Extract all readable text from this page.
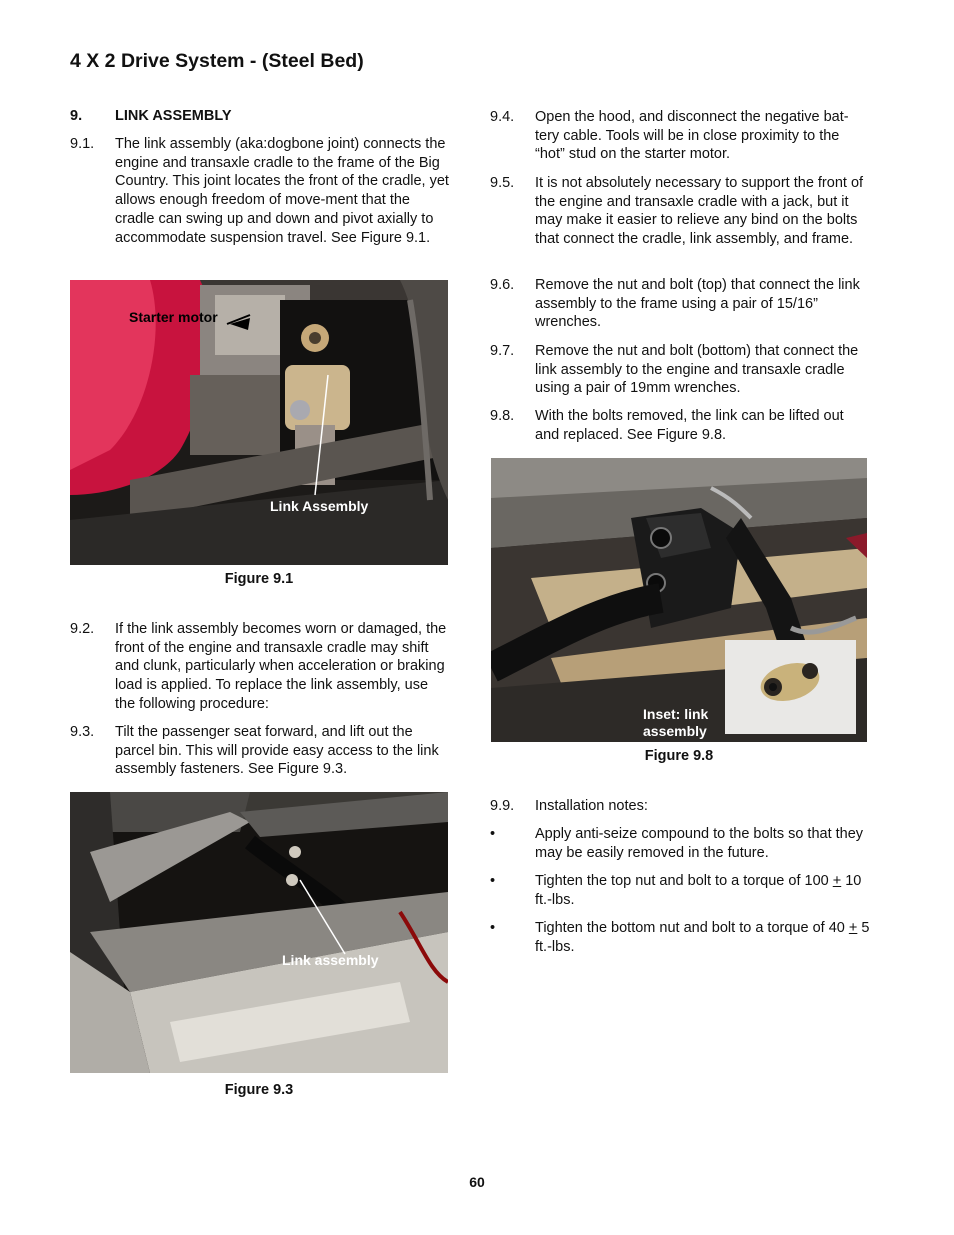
4 X 2 Drive System - (Steel Bed)
9. LINK ASSEMBLY
9.1. The link assembly (aka:dogbone joint) connects the engine and transaxle cradle to the frame of the Big Country. This joint locates the front of the cradle, yet allows enough freedom of move-ment that the cradle can swing up and down and pivot axially to accommodate suspension travel. See Figure 9.1.
Starter motor
Link Assembly
Figure 9.1
9.2. If the link assembly becomes worn or damaged, the front of the engine and transaxle cradle may shift and clunk, particularly when acceleration or braking load is applied. To replace the link assembly, use the following procedure:
9.3. Tilt the passenger seat forward, and lift out the parcel bin. This will provide easy access to the link assembly fasteners. See Figure 9.3.
Link assembly
Figure 9.3
9.4. Open the hood, and disconnect the negative bat-tery cable. Tools will be in close proximity to the “hot” stud on the starter motor.
9.5. It is not absolutely necessary to support the front of the engine and transaxle cradle with a jack, but it may make it easier to relieve any bind on the bolts that connect the cradle, link assembly, and frame.
9.6. Remove the nut and bolt (top) that connect the link assembly to the frame using a pair of 15/16” wrenches.
9.7. Remove the nut and bolt (bottom) that connect the link assembly to the engine and transaxle cradle using a pair of 19mm wrenches.
9.8. With the bolts removed, the link can be lifted out and replaced. See Figure 9.8.
Inset: link
assembly
Figure 9.8
9.9. Installation notes:
•	Apply anti-seize compound to the bolts so that they may be easily removed in the future.
•	Tighten the top nut and bolt to a torque of 100 + 10 ft.-lbs.
•	Tighten the bottom nut and bolt to a torque of 40 + 5 ft.-lbs.
60
